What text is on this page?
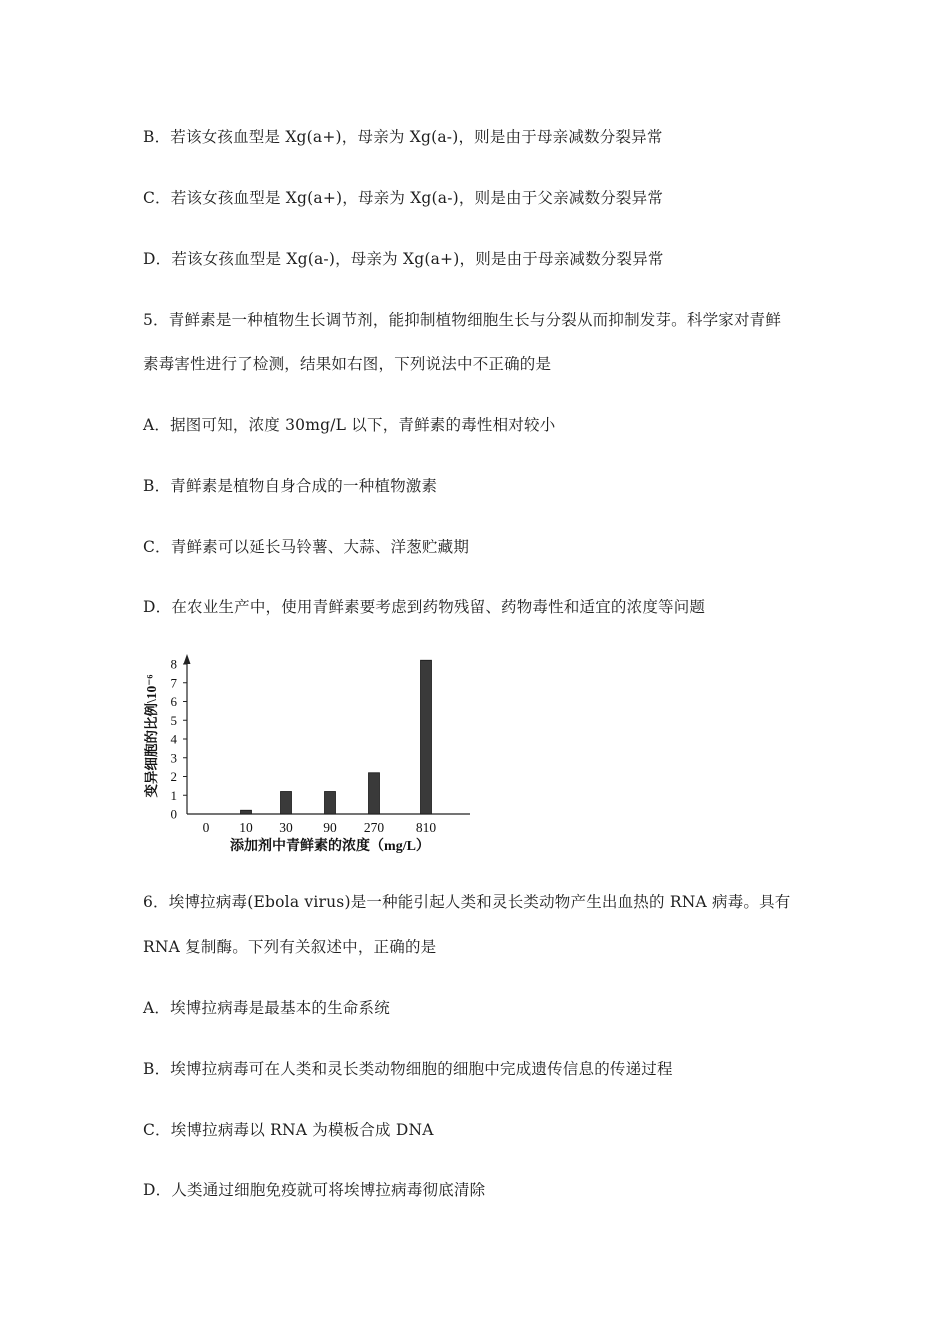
B．若该女孩血型是 Xg(a+)，母亲为 Xg(a-)，则是由于母亲减数分裂异常
C．若该女孩血型是 Xg(a+)，母亲为 Xg(a-)，则是由于父亲减数分裂异常
D．若该女孩血型是 Xg(a-)，母亲为 Xg(a+)，则是由于母亲减数分裂异常
5．青鲜素是一种植物生长调节剂，能抑制植物细胞生长与分裂从而抑制发芽。科学家对青鲜
素毒害性进行了检测，结果如右图，下列说法中不正确的是
A．据图可知，浓度 30mg/L 以下，青鲜素的毒性相对较小
B．青鲜素是植物自身合成的一种植物激素
C．青鲜素可以延长马铃薯、大蒜、洋葱贮藏期
D．在农业生产中，使用青鲜素要考虑到药物残留、药物毒性和适宜的浓度等问题
0
1
2
3
4
5
6
7
8
0 10 30 90 270 810
添加剂中青鲜素的浓度（mg/L）
变异细胞的比例\10⁻⁶
6．埃博拉病毒(Ebola virus)是一种能引起人类和灵长类动物产生出血热的 RNA 病毒。具有
RNA 复制酶。下列有关叙述中，正确的是
A．埃博拉病毒是最基本的生命系统
B．埃博拉病毒可在人类和灵长类动物细胞的细胞中完成遗传信息的传递过程
C．埃博拉病毒以 RNA 为模板合成 DNA
D．人类通过细胞免疫就可将埃博拉病毒彻底清除
